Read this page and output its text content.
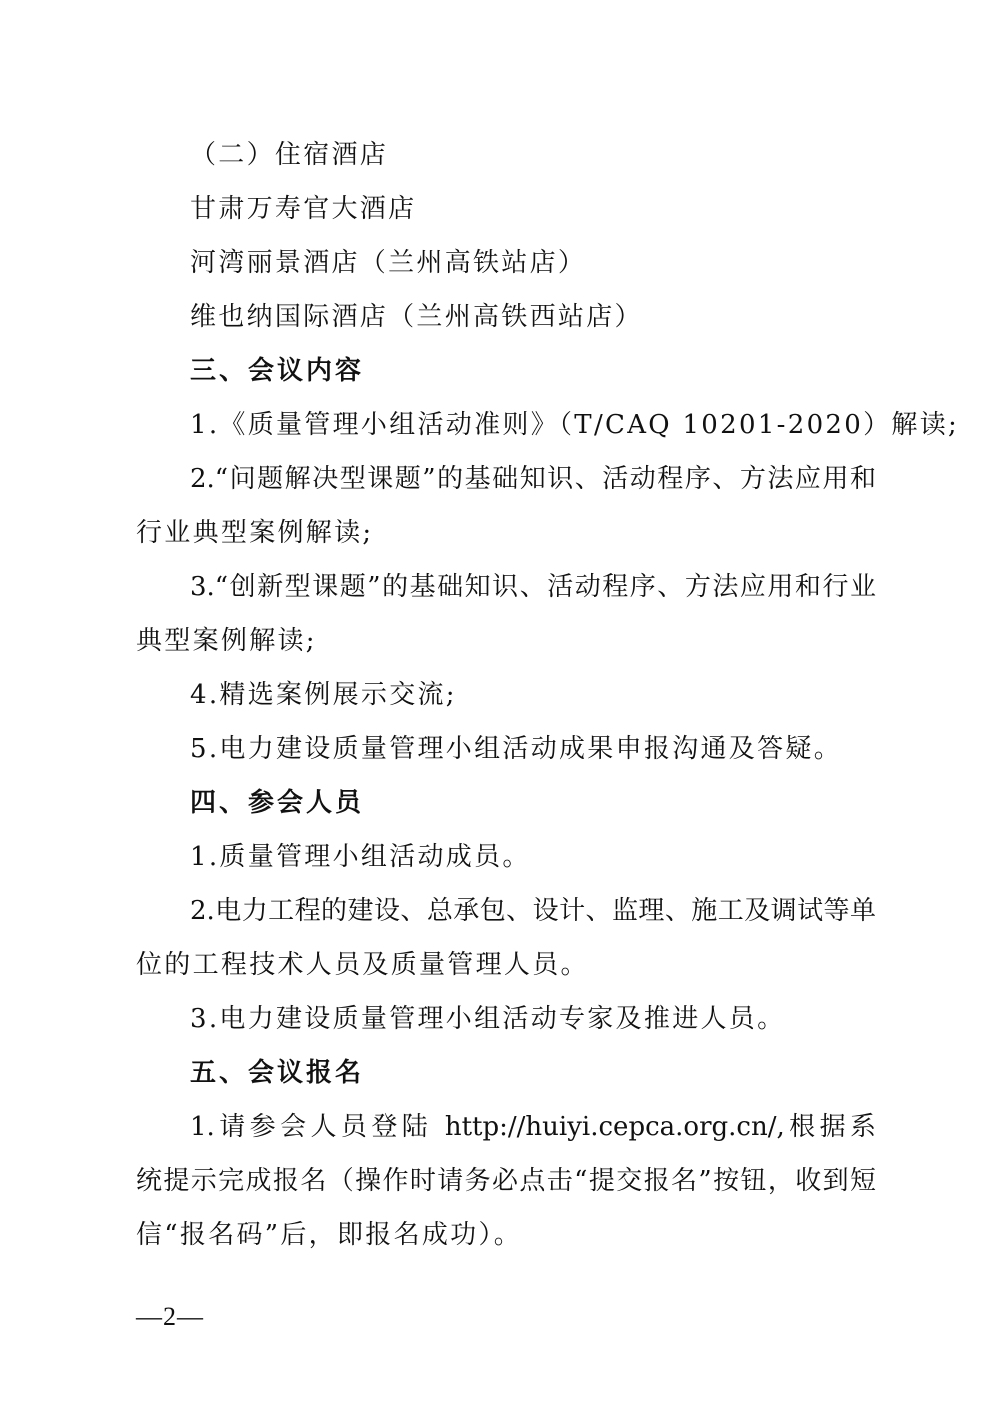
（二）住宿酒店
甘肃万寿官大酒店
河湾丽景酒店（兰州高铁站店）
维也纳国际酒店（兰州高铁西站店）
三、会议内容
1.《质量管理小组活动准则》（T/CAQ 10201-2020）解读;
2.“问题解决型课题”的基础知识、活动程序、方法应用和
行业典型案例解读;
3.“创新型课题”的基础知识、活动程序、方法应用和行业
典型案例解读;
4.精选案例展示交流;
5.电力建设质量管理小组活动成果申报沟通及答疑。
四、参会人员
1.质量管理小组活动成员。
2.电力工程的建设、总承包、设计、监理、施工及调试等单
位的工程技术人员及质量管理人员。
3.电力建设质量管理小组活动专家及推进人员。
五、会议报名
1.请参会人员登陆 http://huiyi.cepca.org.cn/,根据系
统提示完成报名（操作时请务必点击“提交报名”按钮，收到短
信“报名码”后，即报名成功）。
—2—
